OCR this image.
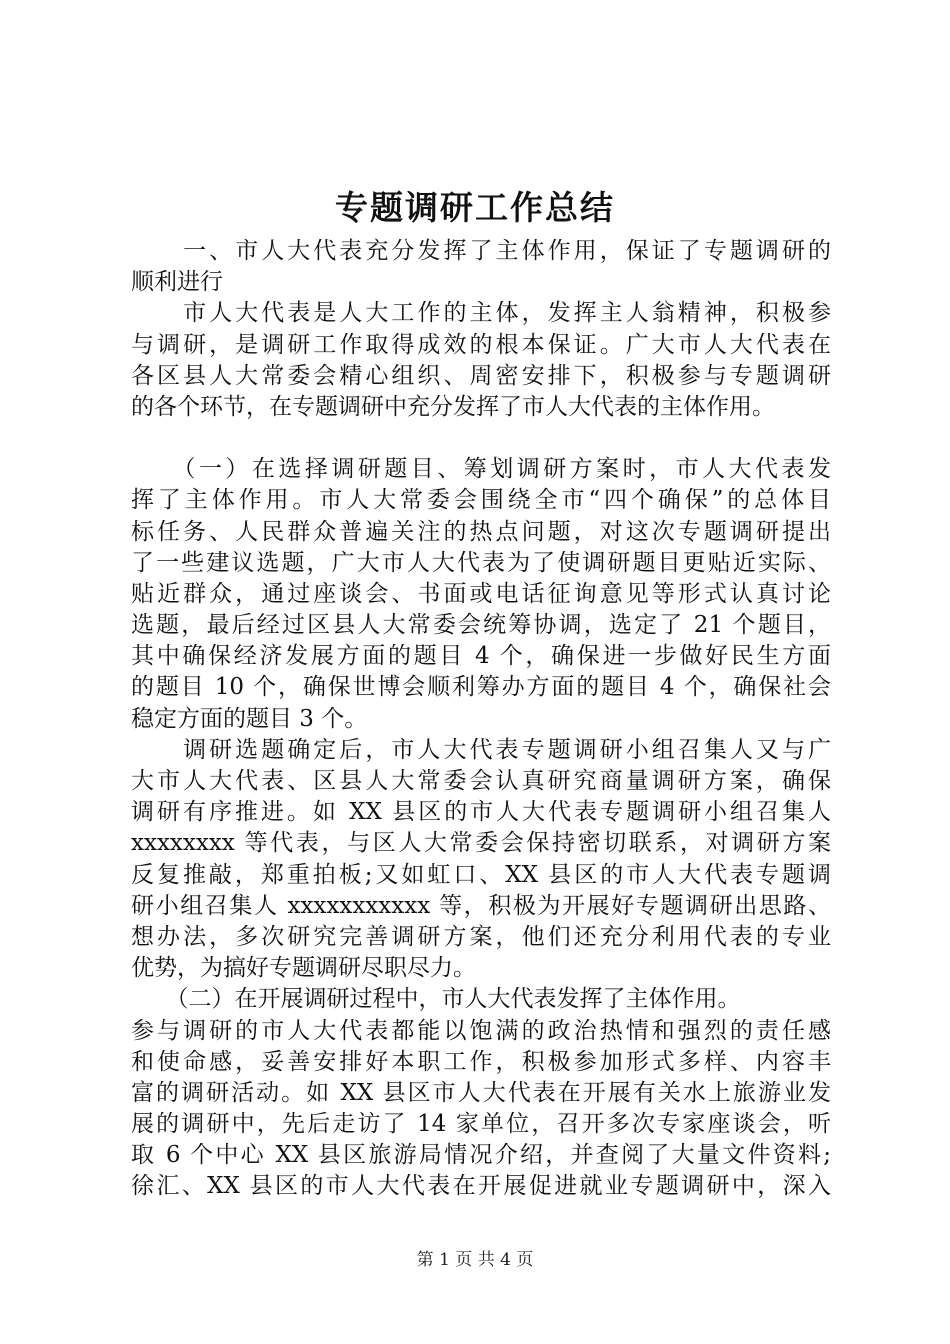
专题调研工作总结
　　一、市人大代表充分发挥了主体作用，保证了专题调研的
顺利进行
　　市人大代表是人大工作的主体，发挥主人翁精神，积极参
与调研，是调研工作取得成效的根本保证。广大市人大代表在
各区县人大常委会精心组织、周密安排下，积极参与专题调研
的各个环节，在专题调研中充分发挥了市人大代表的主体作用。
　　（一）在选择调研题目、筹划调研方案时，市人大代表发
挥了主体作用。市人大常委会围绕全市“四个确保”的总体目
标任务、人民群众普遍关注的热点问题，对这次专题调研提出
了一些建议选题，广大市人大代表为了使调研题目更贴近实际、
贴近群众，通过座谈会、书面或电话征询意见等形式认真讨论
选题，最后经过区县人大常委会统筹协调，选定了 21 个题目，
其中确保经济发展方面的题目 4 个，确保进一步做好民生方面
的题目 10 个，确保世博会顺利筹办方面的题目 4 个，确保社会
稳定方面的题目 3 个。
　　调研选题确定后，市人大代表专题调研小组召集人又与广
大市人大代表、区县人大常委会认真研究商量调研方案，确保
调研有序推进。如 XX 县区的市人大代表专题调研小组召集人
xxxxxxxx 等代表，与区人大常委会保持密切联系，对调研方案
反复推敲，郑重拍板;又如虹口、XX 县区的市人大代表专题调
研小组召集人 xxxxxxxxxxx 等，积极为开展好专题调研出思路、
想办法，多次研究完善调研方案，他们还充分利用代表的专业
优势，为搞好专题调研尽职尽力。
　　（二）在开展调研过程中，市人大代表发挥了主体作用。
参与调研的市人大代表都能以饱满的政治热情和强烈的责任感
和使命感，妥善安排好本职工作，积极参加形式多样、内容丰
富的调研活动。如 XX 县区市人大代表在开展有关水上旅游业发
展的调研中，先后走访了 14 家单位，召开多次专家座谈会，听
取 6 个中心 XX 县区旅游局情况介绍，并查阅了大量文件资料;
徐汇、XX 县区的市人大代表在开展促进就业专题调研中，深入
第 1 页 共 4 页
